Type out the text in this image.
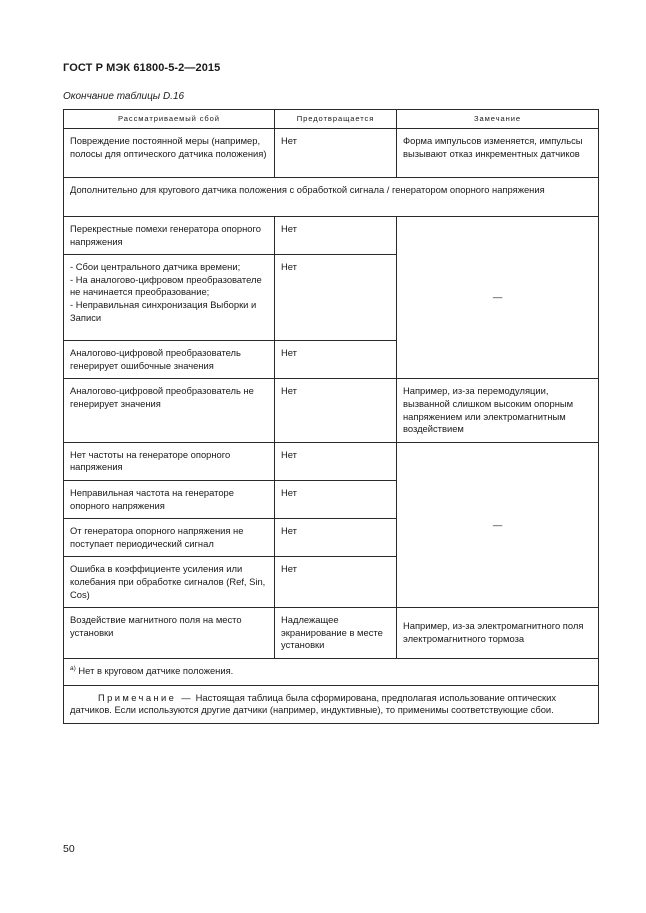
ГОСТ Р МЭК 61800-5-2—2015
Окончание таблицы D.16
Рассматриваемый сбой	Предотвращается	Замечание
Повреждение постоянной меры (например, полосы для оптического датчика положения)	Нет	Форма импульсов изменяется, импульсы вызывают отказ инкрементных датчиков
Дополнительно для кругового датчика положения с обработкой сигнала / генератором опорного напряжения		
Перекрестные помехи генератора опорного напряжения	Нет	—

- Сбои центрального датчика времени;
- На аналогово-цифровом преобразователе не начинается преобразование;
- Неправильная синхронизация Выборки и Записи	Нет	
Аналогово-цифровой преобразователь генерирует ошибочные значения	Нет	
Аналогово-цифровой преобразователь не генерирует значения	Нет	Например, из-за перемодуляции, вызванной слишком высоким опорным напряжением или электромагнитным воздействием
Нет частоты на генераторе опорного напряжения	Нет	—
Неправильная частота на генераторе опорного напряжения	Нет	
От генератора опорного напряжения не поступает периодический сигнал	Нет	
Ошибка в коэффициенте усиления или колебания при обработке сигналов (Ref, Sin, Cos)	Нет	
Воздействие магнитного поля на место установки	Надлежащее экранирование в месте установки	Например, из-за электромагнитного поля электромагнитного тормоза
$^{a)}$ Нет в круговом датчике положения.		
Примечание — Настоящая таблица была сформирована, предполагая использование оптических датчиков. Если используются другие датчики (например, индуктивные), то применимы соответствующие сбои.		
50
